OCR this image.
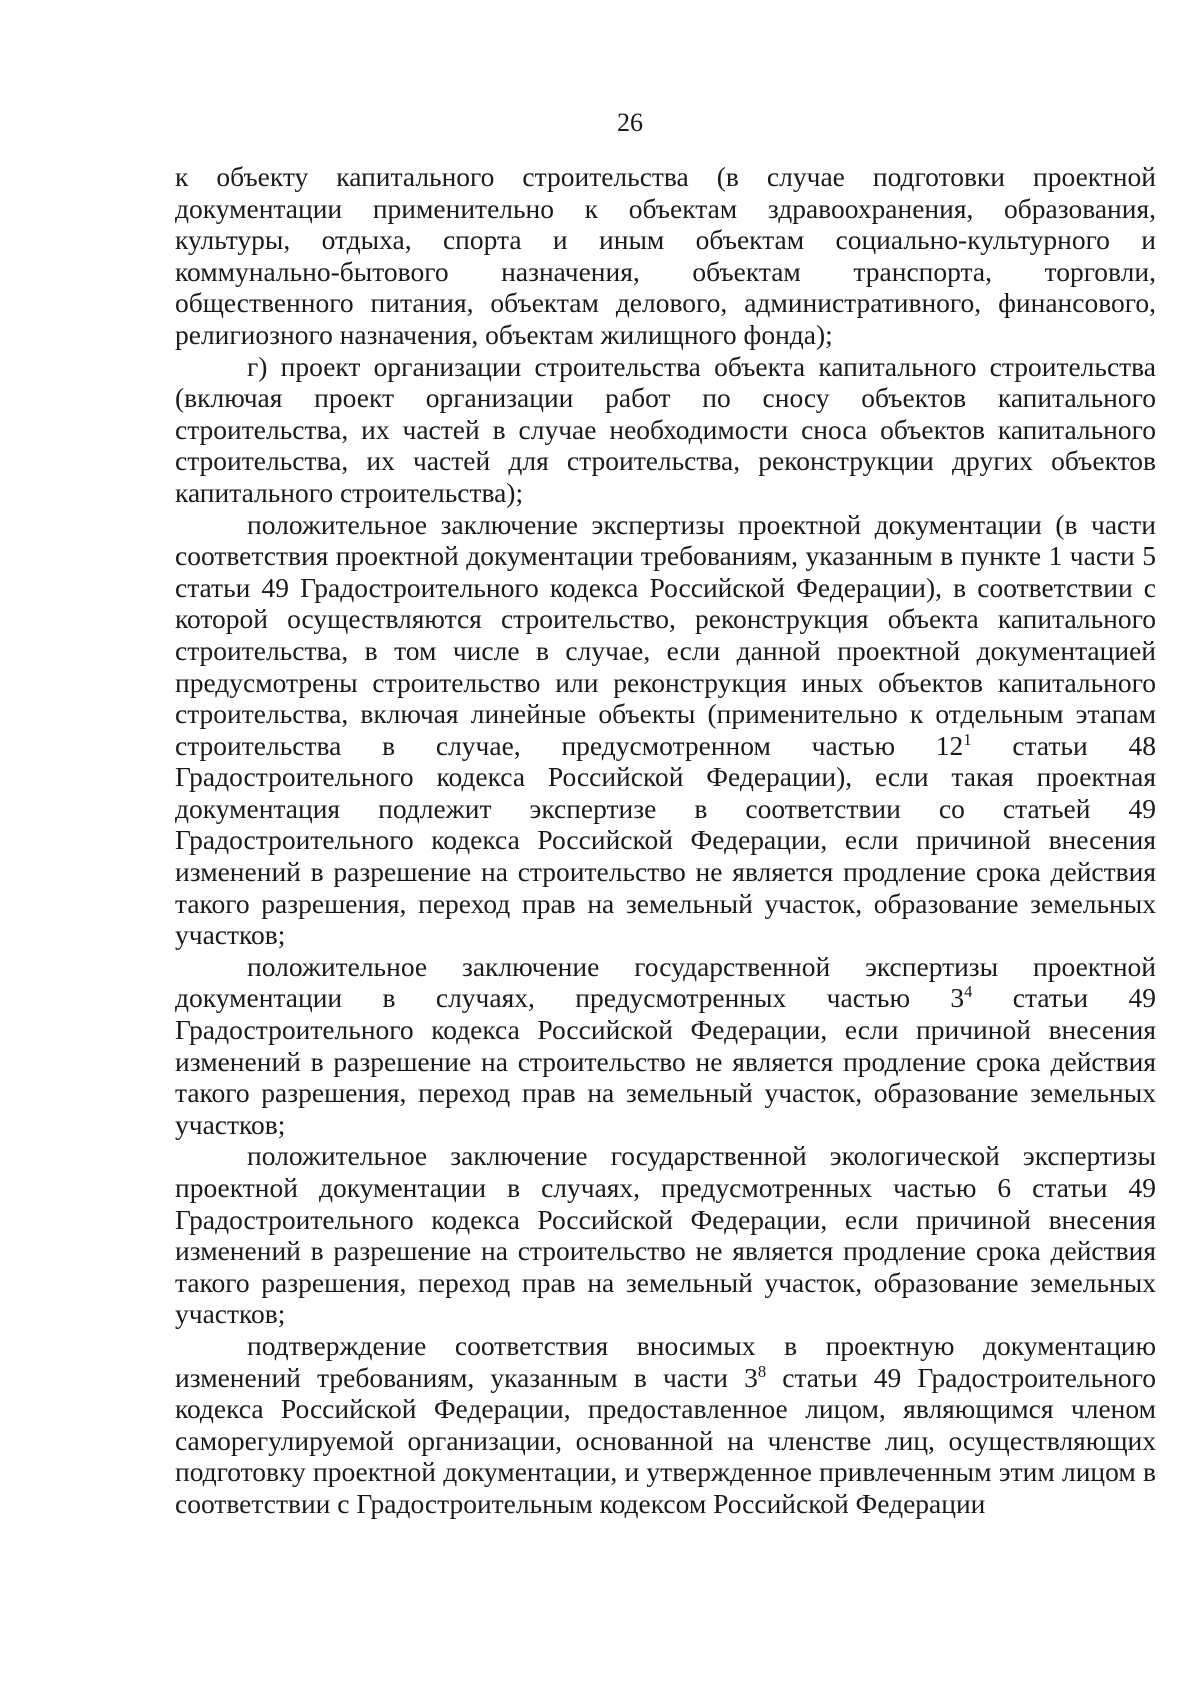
26

к объекту капитального строительства (в случае подготовки проектной документации применительно к объектам здравоохранения, образования, культуры, отдыха, спорта и иным объектам социально-культурного и коммунально-бытового назначения, объектам транспорта, торговли, общественного питания, объектам делового, административного, финансового, религиозного назначения, объектам жилищного фонда);

г) проект организации строительства объекта капитального строительства (включая проект организации работ по сносу объектов капитального строительства, их частей в случае необходимости сноса объектов капитального строительства, их частей для строительства, реконструкции других объектов капитального строительства);

положительное заключение экспертизы проектной документации (в части соответствия проектной документации требованиям, указанным в пункте 1 части 5 статьи 49 Градостроительного кодекса Российской Федерации), в соответствии с которой осуществляются строительство, реконструкция объекта капитального строительства, в том числе в случае, если данной проектной документацией предусмотрены строительство или реконструкция иных объектов капитального строительства, включая линейные объекты (применительно к отдельным этапам строительства в случае, предусмотренном частью $12^1$ статьи 48 Градостроительного кодекса Российской Федерации), если такая проектная документация подлежит экспертизе в соответствии со статьей 49 Градостроительного кодекса Российской Федерации, если причиной внесения изменений в разрешение на строительство не является продление срока действия такого разрешения, переход прав на земельный участок, образование земельных участков;

положительное заключение государственной экспертизы проектной документации в случаях, предусмотренных частью $3^4$ статьи 49 Градостроительного кодекса Российской Федерации, если причиной внесения изменений в разрешение на строительство не является продление срока действия такого разрешения, переход прав на земельный участок, образование земельных участков;

положительное заключение государственной экологической экспертизы проектной документации в случаях, предусмотренных частью 6 статьи 49 Градостроительного кодекса Российской Федерации, если причиной внесения изменений в разрешение на строительство не является продление срока действия такого разрешения, переход прав на земельный участок, образование земельных участков;

подтверждение соответствия вносимых в проектную документацию изменений требованиям, указанным в части $3^8$ статьи 49 Градостроительного кодекса Российской Федерации, предоставленное лицом, являющимся членом саморегулируемой организации, основанной на членстве лиц, осуществляющих подготовку проектной документации, и утвержденное привлеченным этим лицом в соответствии с Градостроительным кодексом Российской Федерации
